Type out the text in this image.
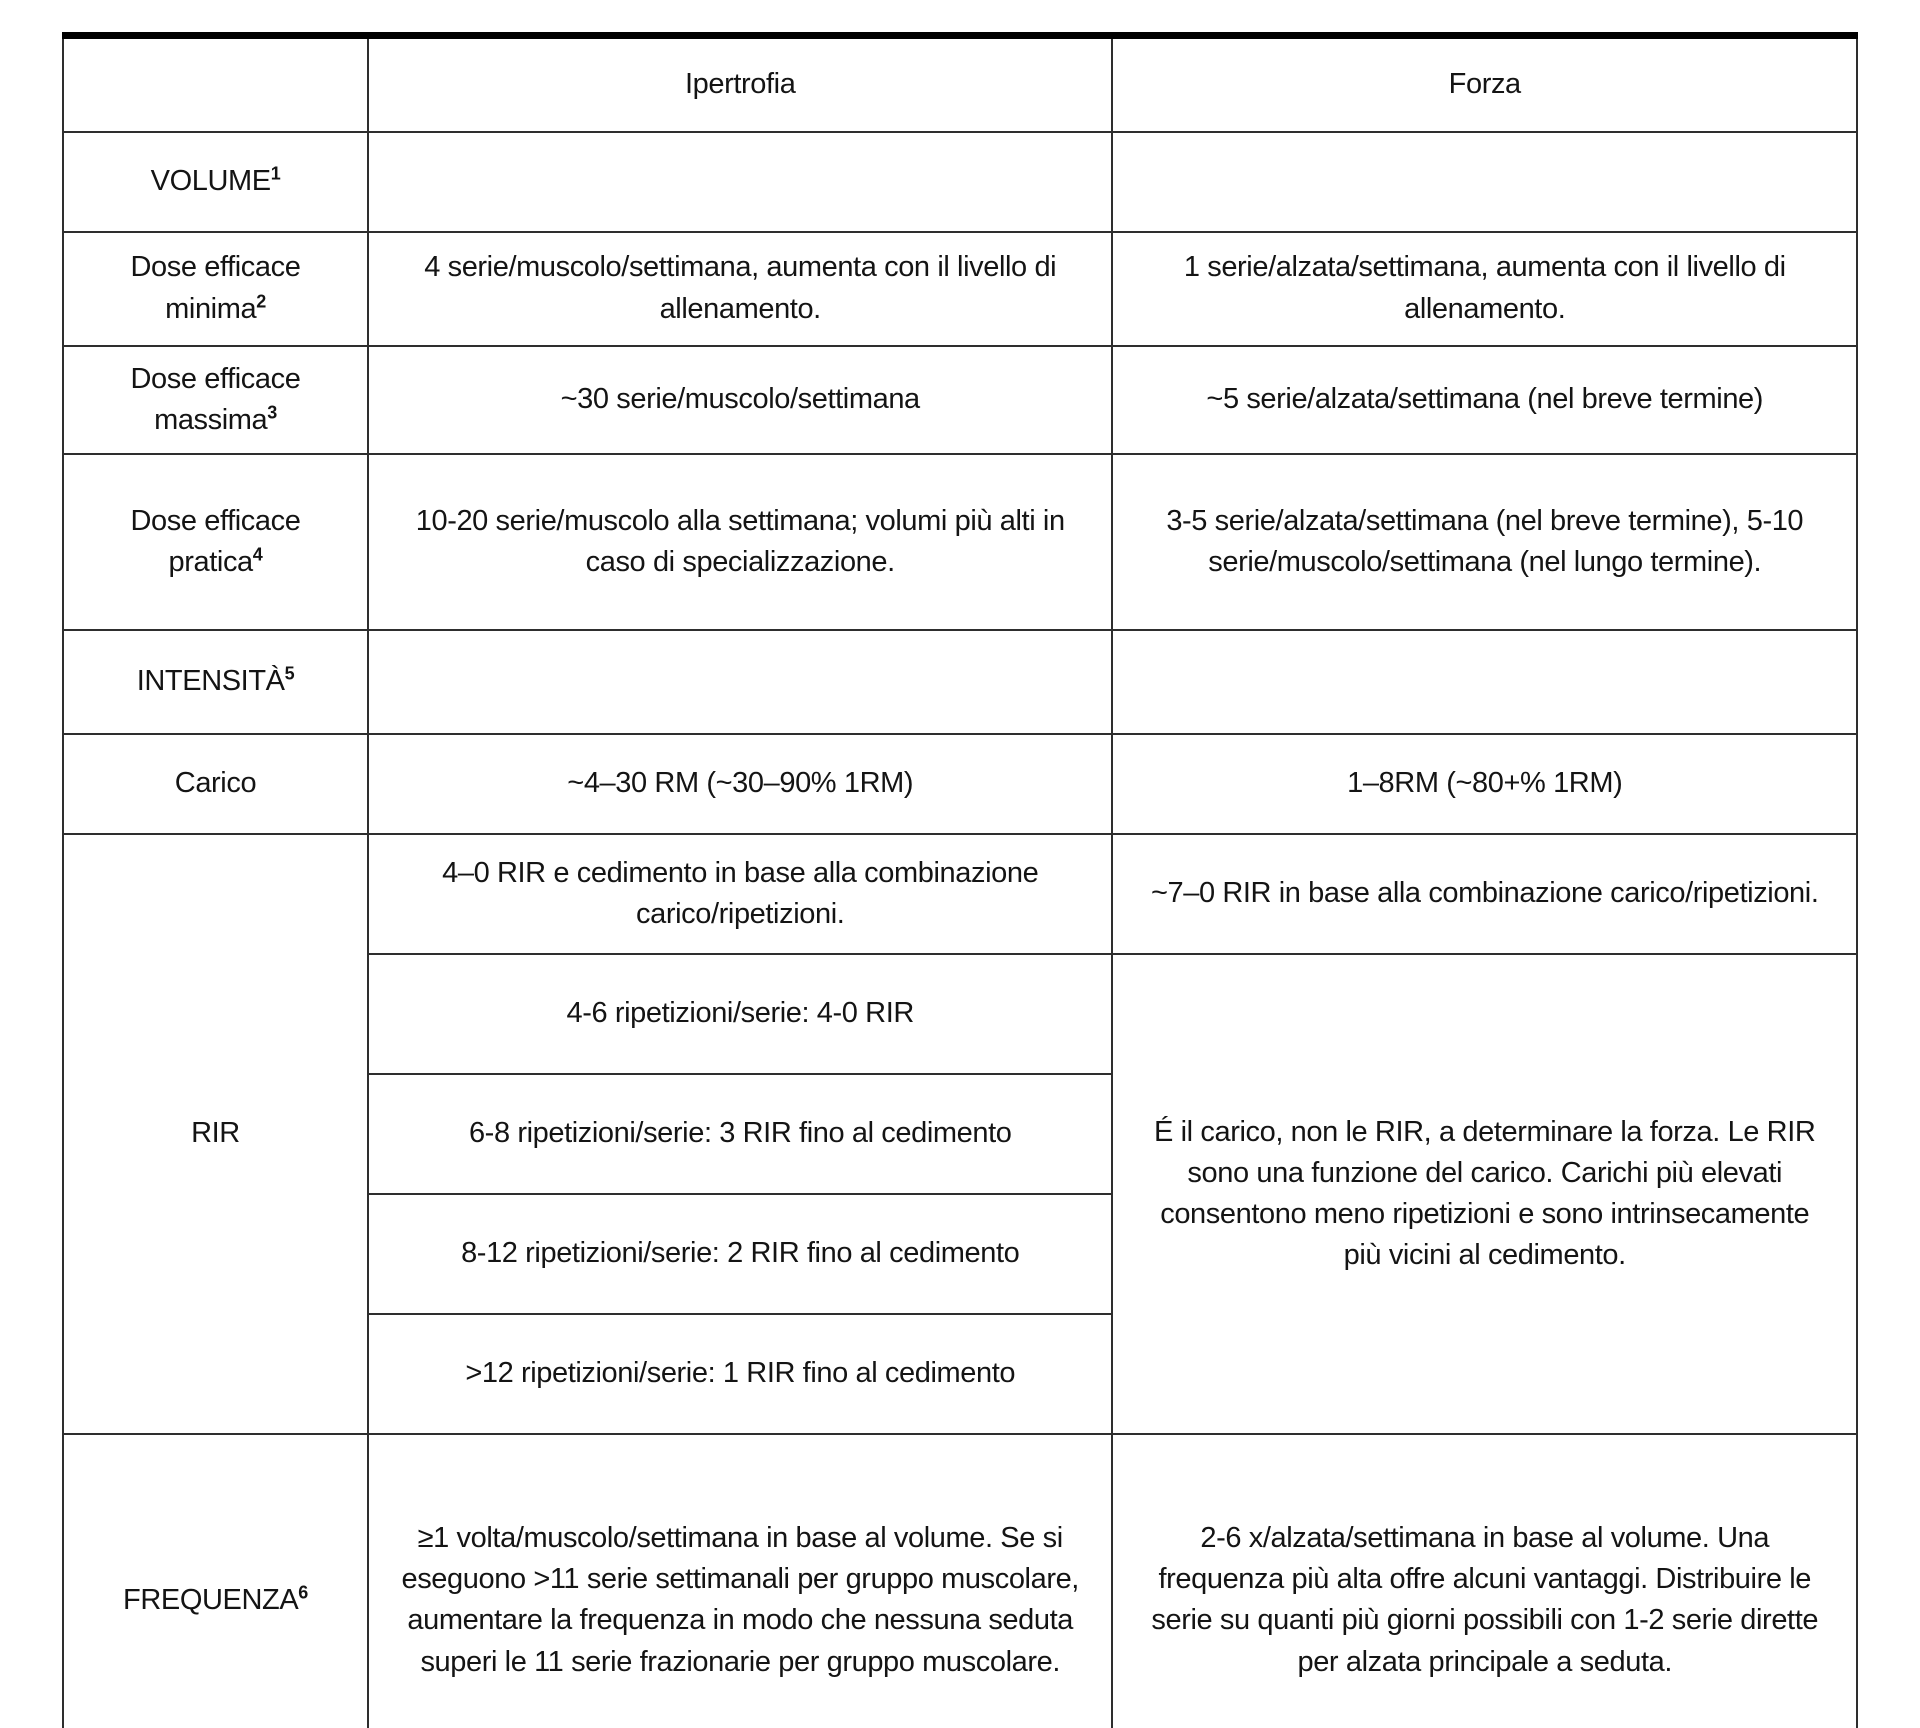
	Ipertrofia	Forza
VOLUME$^1$		
Dose efficace minima$^2$	4 serie/muscolo/settimana, aumenta con il livello di allenamento.	1 serie/alzata/settimana, aumenta con il livello di allenamento.
Dose efficace massima$^3$	~30 serie/muscolo/settimana	~5 serie/alzata/settimana (nel breve termine)
Dose efficace pratica$^4$	10-20 serie/muscolo alla settimana; volumi più alti in caso di specializzazione.	3-5 serie/alzata/settimana (nel breve termine), 5-10 serie/muscolo/settimana (nel lungo termine).
INTENSITÀ$^5$		
Carico	~4–30 RM (~30–90% 1RM)	1–8RM (~80+% 1RM)
RIR	4–0 RIR e cedimento in base alla combinazione carico/ripetizioni.	~7–0 RIR in base alla combinazione carico/ripetizioni.
	4-6 ripetizioni/serie: 4-0 RIR	É il carico, non le RIR, a determinare la forza. Le RIR sono una funzione del carico. Carichi più elevati consentono meno ripetizioni e sono intrinsecamente più vicini al cedimento.
	6-8 ripetizioni/serie: 3 RIR fino al cedimento	
	8-12 ripetizioni/serie: 2 RIR fino al cedimento	
	>12 ripetizioni/serie: 1 RIR fino al cedimento	
$FREQUENZA^6$	≥1 volta/muscolo/settimana in base al volume. Se si eseguono >11 serie settimanali per gruppo muscolare, aumentare la frequenza in modo che nessuna seduta superi le 11 serie frazionarie per gruppo muscolare.	2-6 x/alzata/settimana in base al volume. Una frequenza più alta offre alcuni vantaggi. Distribuire le serie su quanti più giorni possibili con 1-2 serie dirette per alzata principale a seduta.
